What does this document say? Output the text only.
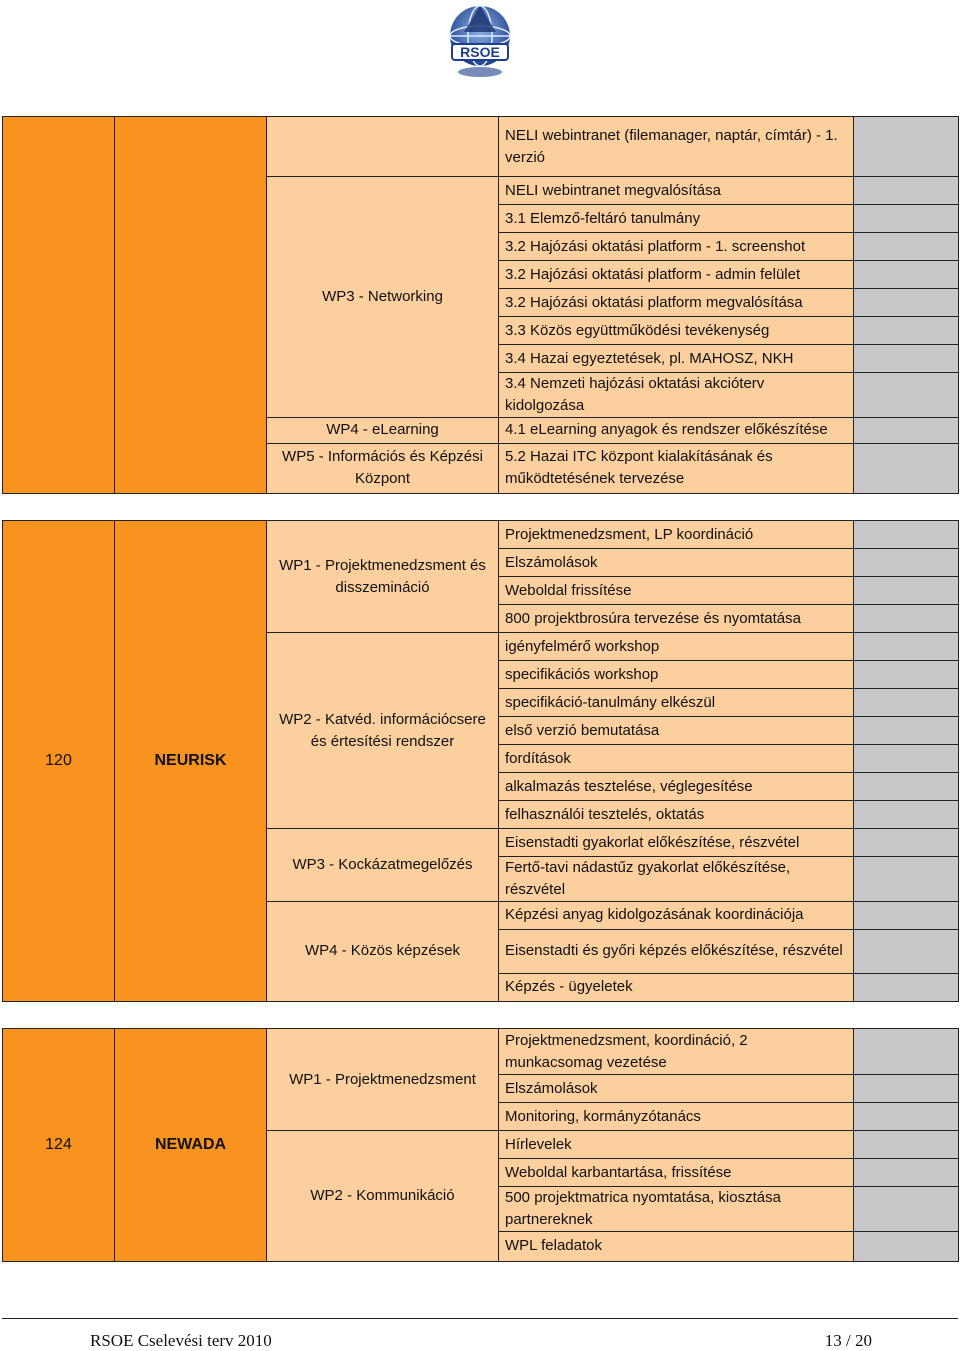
RSOE
			NELI webintranet (filemanager, naptár, címtár) - 1. verzió	
		WP3 - Networking	NELI webintranet megvalósítása	
			3.1 Elemző-feltáró tanulmány	
			3.2 Hajózási oktatási platform - 1. screenshot	
			3.2 Hajózási oktatási platform - admin felület	
			3.2 Hajózási oktatási platform megvalósítása	
			3.3 Közös együttműködési tevékenység	
			3.4 Hazai egyeztetések, pl. MAHOSZ, NKH	
			3.4 Nemzeti hajózási oktatási akcióterv kidolgozása	
		WP4 - eLearning	4.1 eLearning anyagok és rendszer előkészítése	
		WP5 - Információs és Képzési Központ	5.2 Hazai ITC központ kialakításának és működtetésének tervezése	
120	NEURISK	WP1 - Projektmenedzsment és disszemináció	Projektmenedzsment, LP koordináció	
			Elszámolások	
			Weboldal frissítése	
			800 projektbrosúra tervezése és nyomtatása	
		WP2 - Katvéd. információcsere és értesítési rendszer	igényfelmérő workshop	
			specifikációs workshop	
			specifikáció-tanulmány elkészül	
			első verzió bemutatása	
			fordítások	
			alkalmazás tesztelése, véglegesítése	
			felhasználói tesztelés, oktatás	
		WP3 - Kockázatmegelőzés	Eisenstadti gyakorlat előkészítése, részvétel	
			Fertő-tavi nádastűz gyakorlat előkészítése, részvétel	
		WP4 - Közös képzések	Képzési anyag kidolgozásának koordinációja	
			Eisenstadti és győri képzés előkészítése, részvétel	
			Képzés - ügyeletek	
124	NEWADA	WP1 - Projektmenedzsment	Projektmenedzsment, koordináció, 2 munkacsomag vezetése	
			Elszámolások	
			Monitoring, kormányzótanács	
		WP2 - Kommunikáció	Hírlevelek	
			Weboldal karbantartása, frissítése	
			500 projektmatrica nyomtatása, kiosztása partnereknek	
			WPL feladatok	
RSOE Cselevési terv 2010	13 / 20
